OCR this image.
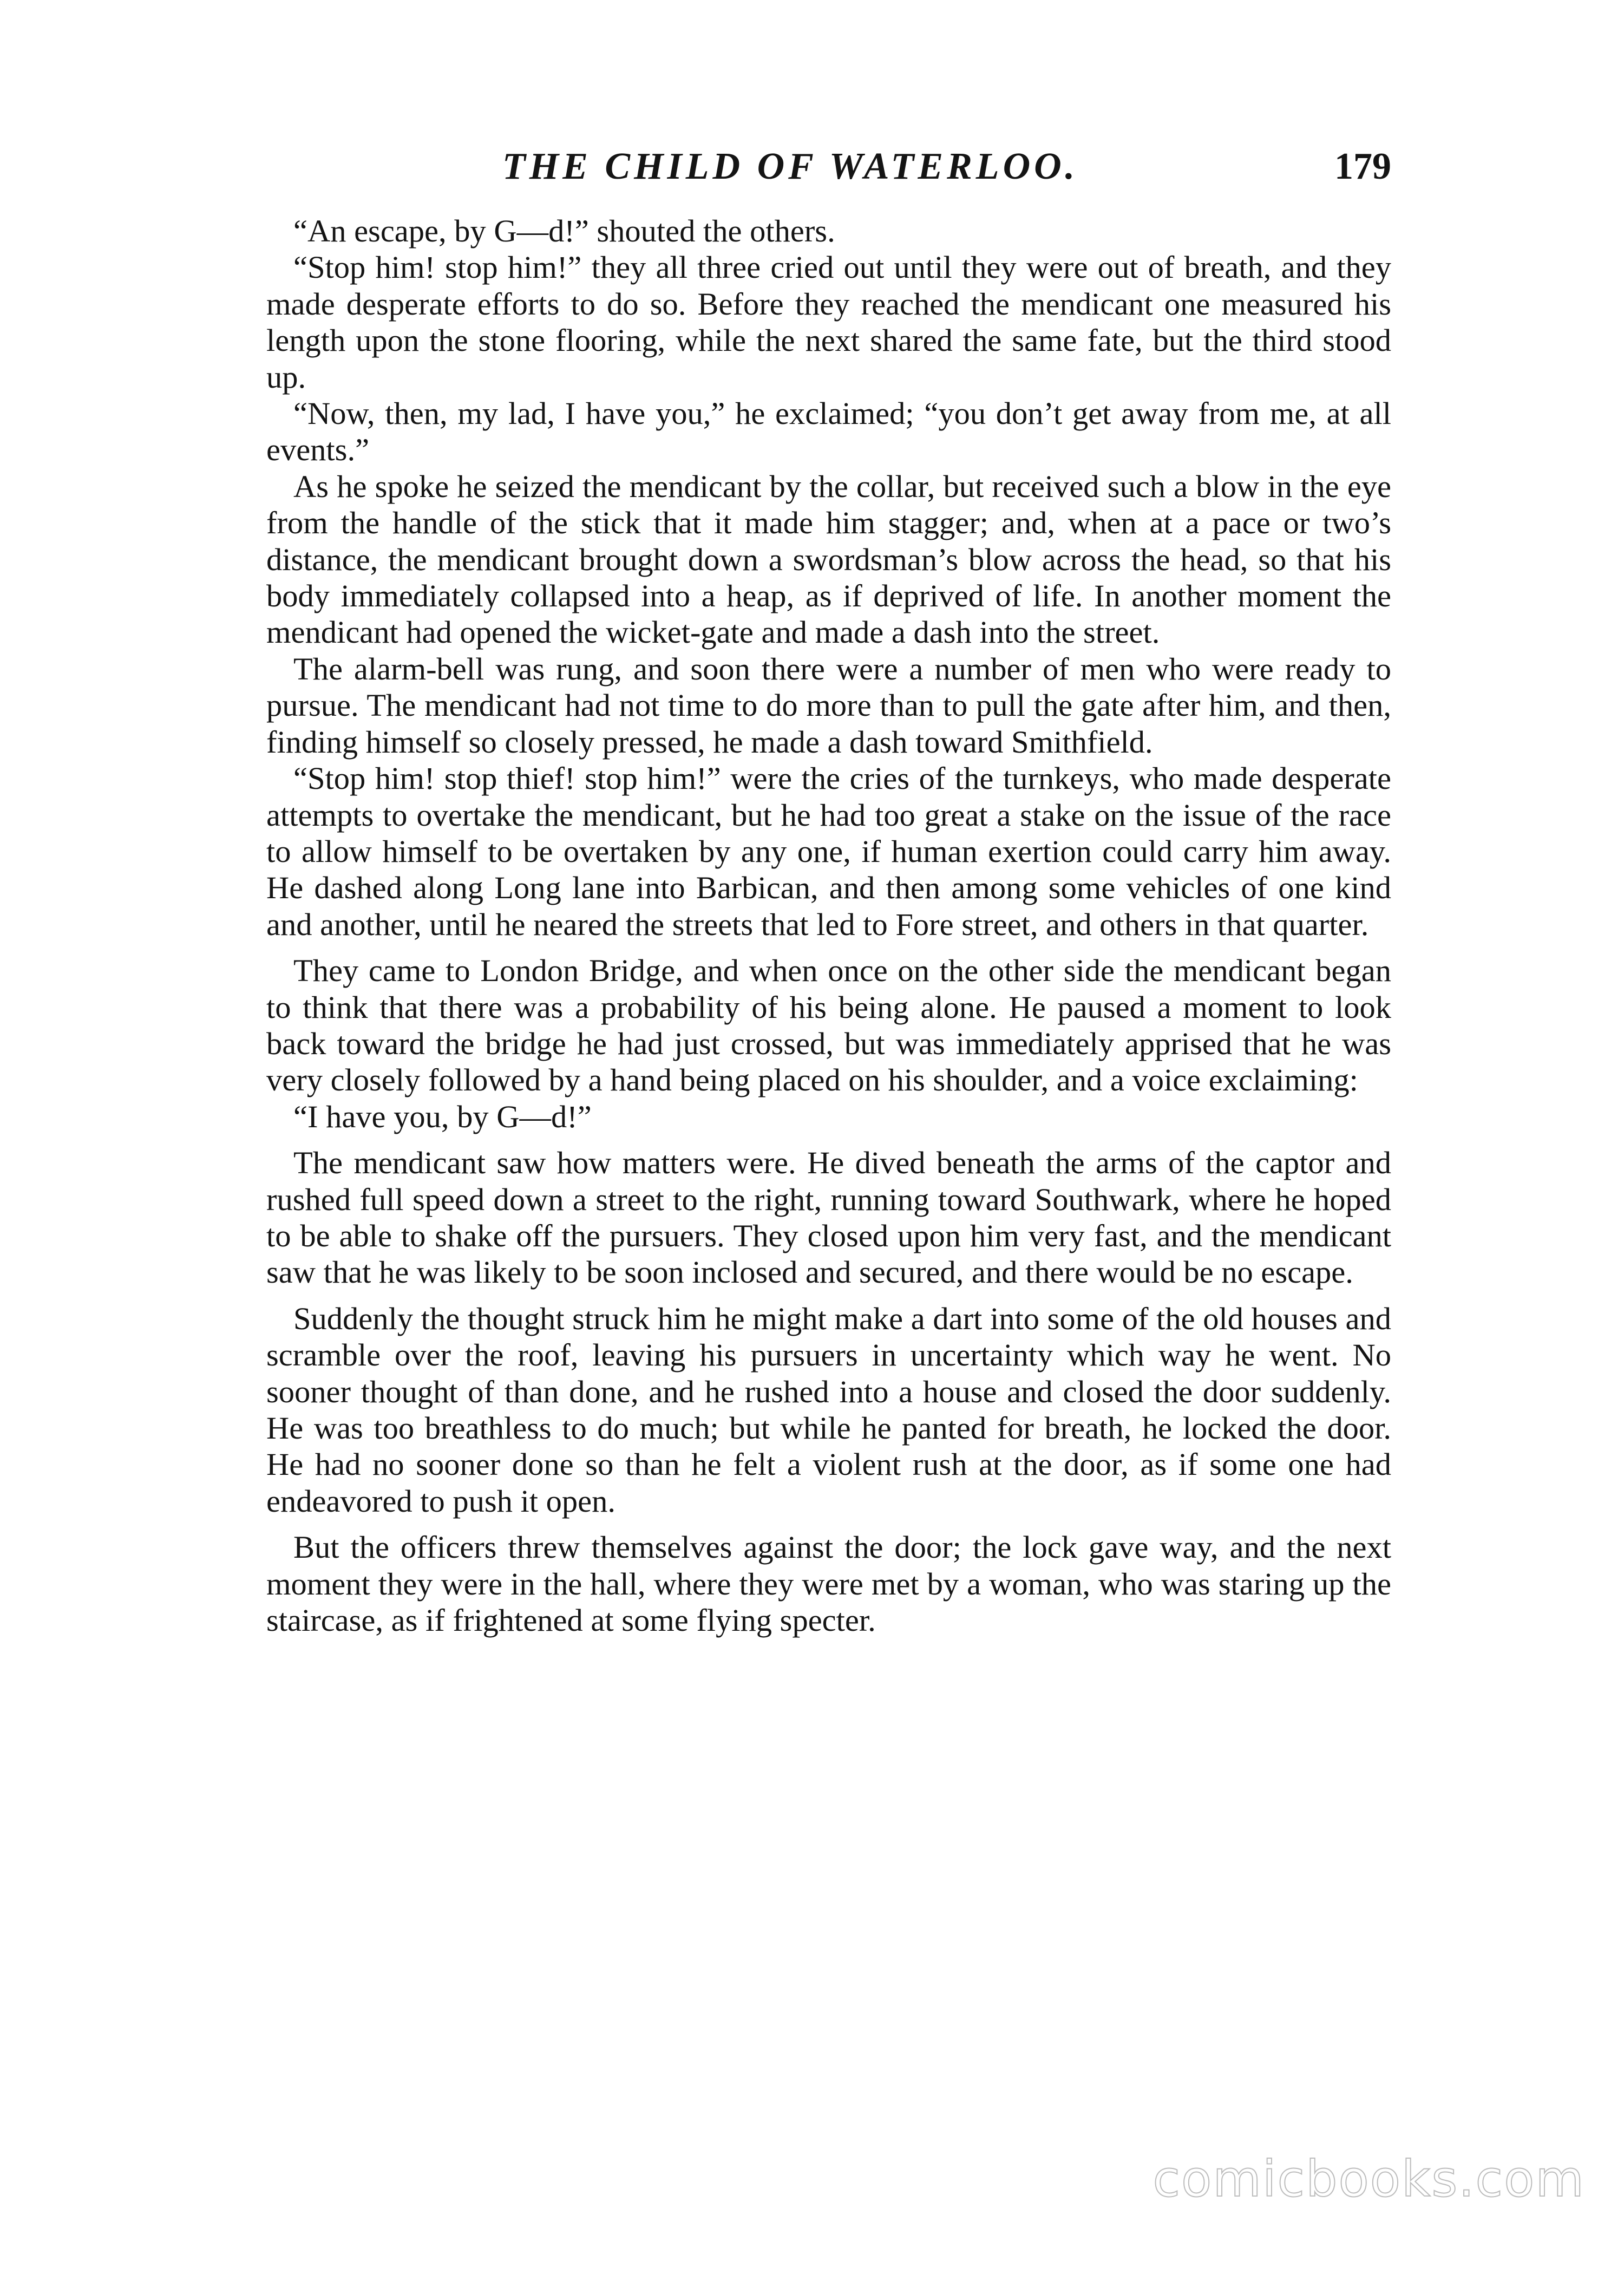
THE CHILD OF WATERLOO.	179

“An escape, by G—d!” shouted the others.

“Stop him! stop him!” they all three cried out until they were out of breath, and they made desperate efforts to do so. Before they reached the mendicant one measured his length upon the stone flooring, while the next shared the same fate, but the third stood up.

“Now, then, my lad, I have you,” he exclaimed; “you don’t get away from me, at all events.”

As he spoke he seized the mendicant by the collar, but received such a blow in the eye from the handle of the stick that it made him stagger; and, when at a pace or two’s distance, the mendicant brought down a swordsman’s blow across the head, so that his body immediately collapsed into a heap, as if deprived of life. In another moment the mendicant had opened the wicket-gate and made a dash into the street.

The alarm-bell was rung, and soon there were a number of men who were ready to pursue. The mendicant had not time to do more than to pull the gate after him, and then, finding himself so closely pressed, he made a dash toward Smithfield.

“Stop him! stop thief! stop him!” were the cries of the turnkeys, who made desperate attempts to overtake the mendicant, but he had too great a stake on the issue of the race to allow himself to be overtaken by any one, if human exertion could carry him away. He dashed along Long lane into Barbican, and then among some vehicles of one kind and another, until he neared the streets that led to Fore street, and others in that quarter.

They came to London Bridge, and when once on the other side the mendicant began to think that there was a probability of his being alone. He paused a moment to look back toward the bridge he had just crossed, but was immediately apprised that he was very closely followed by a hand being placed on his shoulder, and a voice exclaiming:

“I have you, by G—d!”

The mendicant saw how matters were. He dived beneath the arms of the captor and rushed full speed down a street to the right, running toward Southwark, where he hoped to be able to shake off the pursuers. They closed upon him very fast, and the mendicant saw that he was likely to be soon inclosed and secured, and there would be no escape.

Suddenly the thought struck him he might make a dart into some of the old houses and scramble over the roof, leaving his pursuers in uncertainty which way he went. No sooner thought of than done, and he rushed into a house and closed the door suddenly. He was too breathless to do much; but while he panted for breath, he locked the door. He had no sooner done so than he felt a violent rush at the door, as if some one had endeavored to push it open.

But the officers threw themselves against the door; the lock gave way, and the next moment they were in the hall, where they were met by a woman, who was staring up the staircase, as if frightened at some flying specter.

comicbooks.com
